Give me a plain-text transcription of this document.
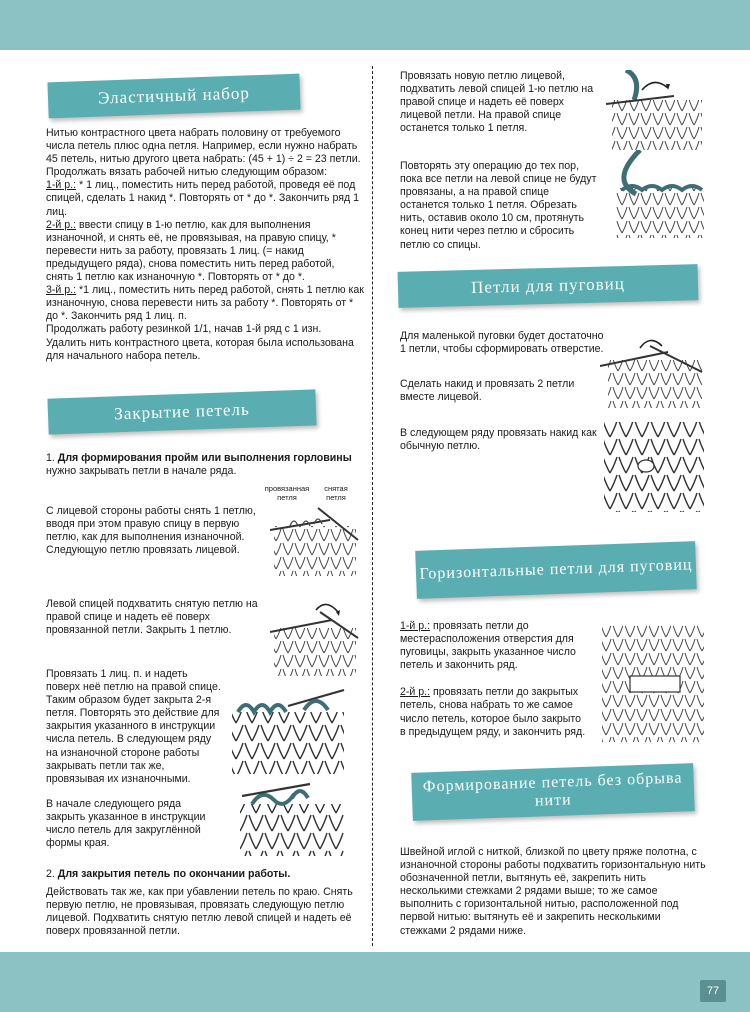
77
Эластичный набор

Нитью контрастного цвета набрать половину от требуемого числа петель плюс одна петля. Например, если нужно набрать 45 петель, нитью другого цвета набрать: (45 + 1) ÷ 2 = 23 петли. Продолжать вязать рабочей нитью следующим образом:

1-й р.: * 1 лиц., поместить нить перед работой, проведя её под спицей, сделать 1 накид *. Повторять от * до *. Закончить ряд 1 лиц.

2-й р.: ввести спицу в 1-ю петлю, как для выполнения изнаночной, и снять её, не провязывая, на правую спицу, * перевести нить за работу, провязать 1 лиц. (= накид предыдущего ряда), снова поместить нить перед работой, снять 1 петлю как изнаночную *. Повторять от * до *.

3-й р.: *1 лиц., поместить нить перед работой, снять 1 петлю как изнаночную, снова перевести нить за работу *. Повторять от * до *. Закончить ряд 1 лиц. п.

Продолжать работу резинкой 1/1, начав 1-й ряд с 1 изн. Удалить нить контрастного цвета, которая была использована для начального набора петель.

Закрытие петель
1. Для формирования пройм или выполнения горловины нужно закрывать петли в начале ряда.
провязанная петля
снятая петля
С лицевой стороны работы снять 1 петлю, вводя при этом правую спицу в первую петлю, как для выполнения изнаночной. Следующую петлю провязать лицевой.
Левой спицей подхватить снятую петлю на правой спице и надеть её поверх провязанной петли. Закрыть 1 петлю.
Провязать 1 лиц. п. и надеть поверх неё петлю на правой спице. Таким образом будет закрыта 2-я петля. Повторять это действие для закрытия указанного в инструкции числа петель. В следующем ряду на изнаночной стороне работы закрывать петли так же, провязывая их изнаночными.
В начале следующего ряда закрыть указанное в инструкции число петель для закруглённой формы края.

2. Для закрытия петель по окончании работы.

Действовать так же, как при убавлении петель по краю. Снять первую петлю, не провязывая, провязать следующую петлю лицевой. Подхватить снятую петлю левой спицей и надеть её поверх провязанной петли.

Провязать новую петлю лицевой, подхватить левой спицей 1-ю петлю на правой спице и надеть её поверх лицевой петли. На правой спице останется только 1 петля.
Повторять эту операцию до тех пор, пока все петли на левой спице не будут провязаны, а на правой спице останется только 1 петля. Обрезать нить, оставив около 10 см, протянуть конец нити через петлю и сбросить петлю со спицы.
Петли для пуговиц
Для маленькой пуговки будет достаточно 1 петли, чтобы сформировать отверстие.
Сделать накид и провязать 2 петли вместе лицевой.
В следующем ряду провязать накид как обычную петлю.
Горизонтальные петли для пуговиц

1-й р.: провязать петли до местерасположения отверстия для пуговицы, закрыть указанное число петель и закончить ряд.

2-й р.: провязать петли до закрытых петель, снова набрать то же самое число петель, которое было закрыто в предыдущем ряду, и закончить ряд.

Формирование петель без обрыва нити
Швейной иглой с ниткой, близкой по цвету пряже полотна, с изнаночной стороны работы подхватить горизонтальную нить обозначенной петли, вытянуть её, закрепить нить несколькими стежками 2 рядами выше; то же самое выполнить с горизонтальной нитью, расположенной под первой нитью: вытянуть её и закрепить несколькими стежками 2 рядами ниже.
